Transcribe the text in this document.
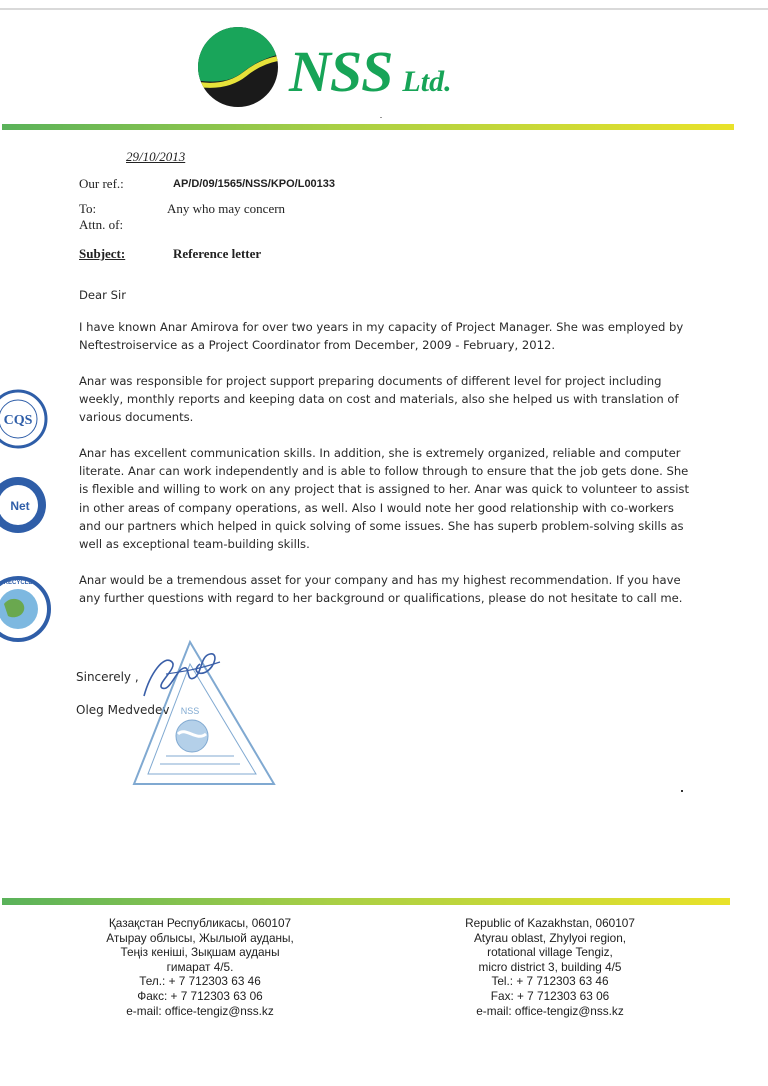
NSS Ltd.
29/10/2013
Our ref.:	AP/D/09/1565/NSS/KPO/L00133
To:	Any who may concern
Attn. of:
Subject:	Reference letter

Dear Sir

I have known Anar Amirova for over two years in my capacity of Project Manager. She was employed by Neftestroiservice as a Project Coordinator from December, 2009 - February, 2012.

Anar was responsible for project support preparing documents of different level for project including weekly, monthly reports and keeping data on cost and materials, also she helped us with translation of various documents.

Anar has excellent communication skills. In addition, she is extremely organized, reliable and computer literate. Anar can work independently and is able to follow through to ensure that the job gets done. She is flexible and willing to work on any project that is assigned to her. Anar was quick to volunteer to assist in other areas of company operations, as well. Also I would note her good relationship with co-workers and our partners which helped in quick solving of some issues. She has superb problem-solving skills as well as exceptional team-building skills.

Anar would be a tremendous asset for your company and has my highest recommendation. If you have any further questions with regard to her background or qualifications, please do not hesitate to call me.

CQS
Net
RECYCLE
Sincerely ,
Oleg Medvedev NSS
Қазақстан Республикасы, 060107
Атырау облысы, Жылыой ауданы,
Теңіз кеніші, Зықшам ауданы
гимарат 4/5.
Тел.: + 7 712303 63 46
Факс: + 7 712303 63 06
e-mail: office-tengiz@nss.kz
Republic of Kazakhstan, 060107
Atyrau oblast, Zhylyoi region,
rotational village Tengiz,
micro district 3, building 4/5
Tel.: + 7 712303 63 46
Fax: + 7 712303 63 06
e-mail: office-tengiz@nss.kz
